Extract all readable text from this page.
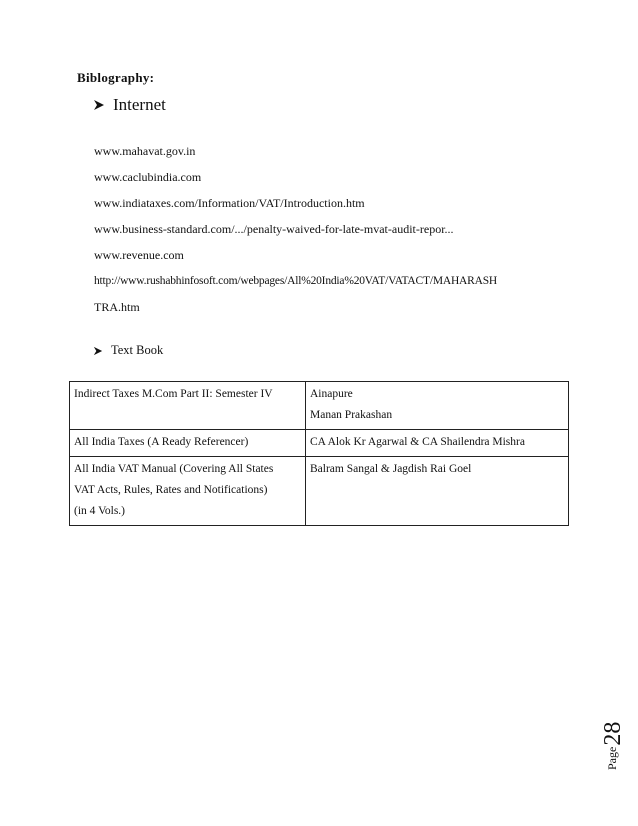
Biblography:
Internet
www.mahavat.gov.in
www.caclubindia.com
www.indiataxes.com/Information/VAT/Introduction.htm
www.business-standard.com/.../penalty-waived-for-late-mvat-audit-repor...
www.revenue.com
http://www.rushabhinfosoft.com/webpages/All%20India%20VAT/VATACT/MAHARASH
TRA.htm
Text Book
Indirect Taxes M.Com Part II: Semester IV	Ainapure
Manan Prakashan

All India Taxes (A Ready Referencer)	CA Alok Kr Agarwal & CA Shailendra Mishra

All India VAT Manual (Covering All States
VAT Acts, Rules, Rates and Notifications)
(in 4 Vols.)	Balram Sangal & Jagdish Rai Goel
Page
28
